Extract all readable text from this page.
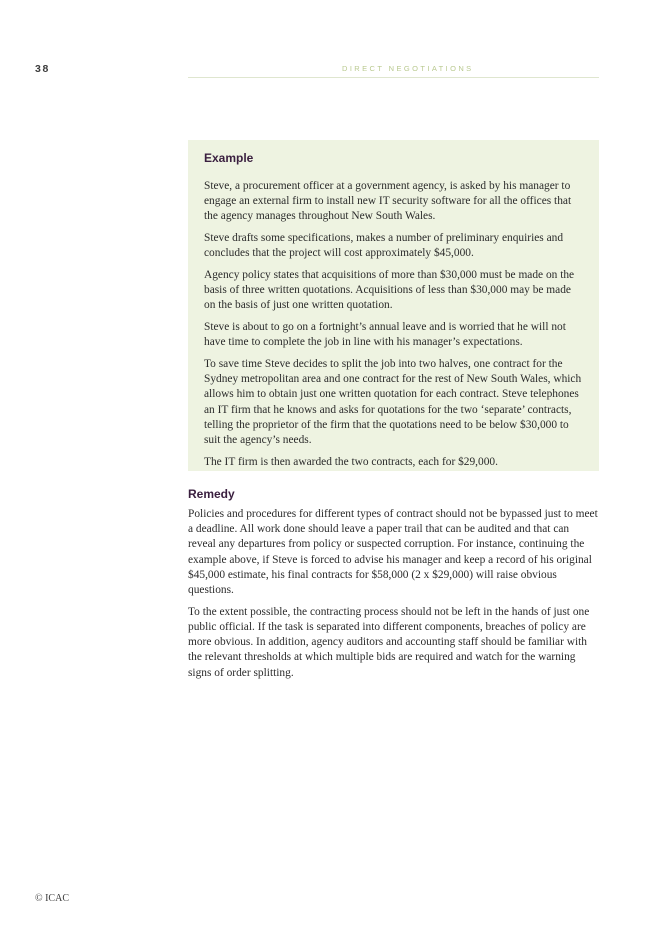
38	DIRECT NEGOTIATIONS
Example

Steve, a procurement officer at a government agency, is asked by his manager to engage an external firm to install new IT security software for all the offices that the agency manages throughout New South Wales.

Steve drafts some specifications, makes a number of preliminary enquiries and concludes that the project will cost approximately $45,000.

Agency policy states that acquisitions of more than $30,000 must be made on the basis of three written quotations. Acquisitions of less than $30,000 may be made on the basis of just one written quotation.

Steve is about to go on a fortnight’s annual leave and is worried that he will not have time to complete the job in line with his manager’s expectations.

To save time Steve decides to split the job into two halves, one contract for the Sydney metropolitan area and one contract for the rest of New South Wales, which allows him to obtain just one written quotation for each contract. Steve telephones an IT firm that he knows and asks for quotations for the two ‘separate’ contracts, telling the proprietor of the firm that the quotations need to be below $30,000 to suit the agency’s needs.

The IT firm is then awarded the two contracts, each for $29,000.

Remedy

Policies and procedures for different types of contract should not be bypassed just to meet a deadline. All work done should leave a paper trail that can be audited and that can reveal any departures from policy or suspected corruption. For instance, continuing the example above, if Steve is forced to advise his manager and keep a record of his original $45,000 estimate, his final contracts for $58,000 (2 x $29,000) will raise obvious questions.

To the extent possible, the contracting process should not be left in the hands of just one public official. If the task is separated into different components, breaches of policy are more obvious. In addition, agency auditors and accounting staff should be familiar with the relevant thresholds at which multiple bids are required and watch for the warning signs of order splitting.

© ICAC
